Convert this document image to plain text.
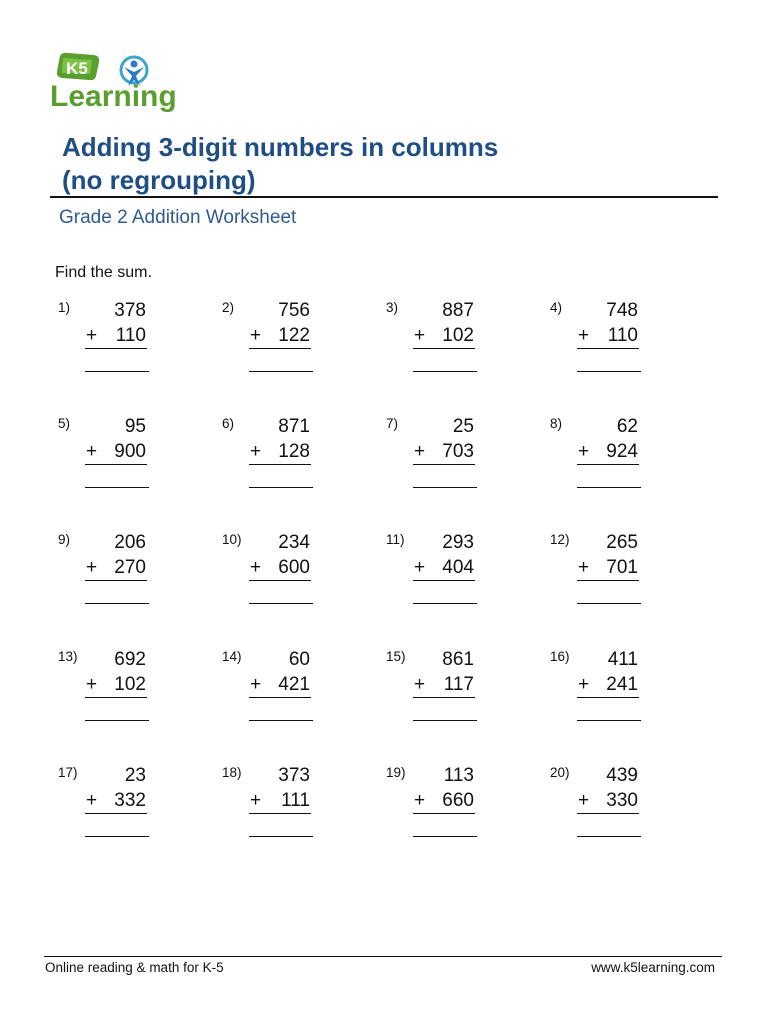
K5
Learning
Adding 3-digit numbers in columns
(no regrouping)
Grade 2 Addition Worksheet
Find the sum.
1)	378
+ 110
2)	756
+ 122
3)	887
+ 102
4)	748
+ 110
5)	95
+ 900
6)	871
+ 128
7)	25
+ 703
8)	62
+ 924
9)	206
+ 270
10)	234
+ 600
11)	293
+ 404
12)	265
+ 701
13)	692
+ 102
14)	60
+ 421
15)	861
+ 117
16)	411
+ 241
17)	23
+ 332
18)	373
+	111
19)	113
+ 660
20)	439
+ 330
Online reading & math for K-5	www.k5learning.com
